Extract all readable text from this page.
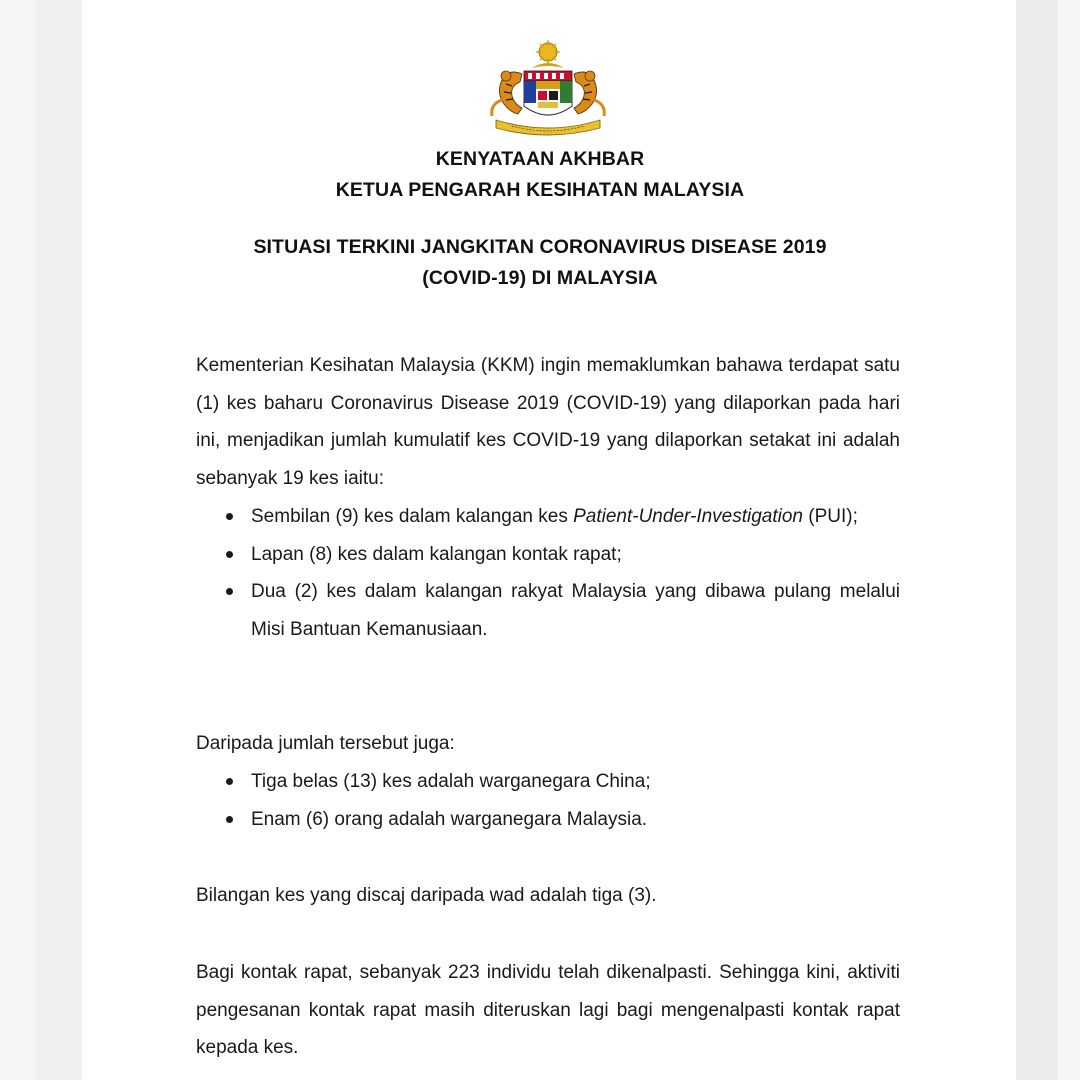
KENYATAAN AKHBAR
KETUA PENGARAH KESIHATAN MALAYSIA
SITUASI TERKINI JANGKITAN CORONAVIRUS DISEASE 2019
(COVID-19) DI MALAYSIA
Kementerian Kesihatan Malaysia (KKM) ingin memaklumkan bahawa terdapat satu (1) kes baharu Coronavirus Disease 2019 (COVID-19) yang dilaporkan pada hari ini, menjadikan jumlah kumulatif kes COVID-19 yang dilaporkan setakat ini adalah sebanyak 19 kes iaitu:
Sembilan (9) kes dalam kalangan kes Patient-Under-Investigation (PUI);
Lapan (8) kes dalam kalangan kontak rapat;
Dua (2) kes dalam kalangan rakyat Malaysia yang dibawa pulang melalui Misi Bantuan Kemanusiaan.
Daripada jumlah tersebut juga:
Tiga belas (13) kes adalah warganegara China;
Enam (6) orang adalah warganegara Malaysia.
Bilangan kes yang discaj daripada wad adalah tiga (3).
Bagi kontak rapat, sebanyak 223 individu telah dikenalpasti. Sehingga kini, aktiviti pengesanan kontak rapat masih diteruskan lagi bagi mengenalpasti kontak rapat kepada kes.
